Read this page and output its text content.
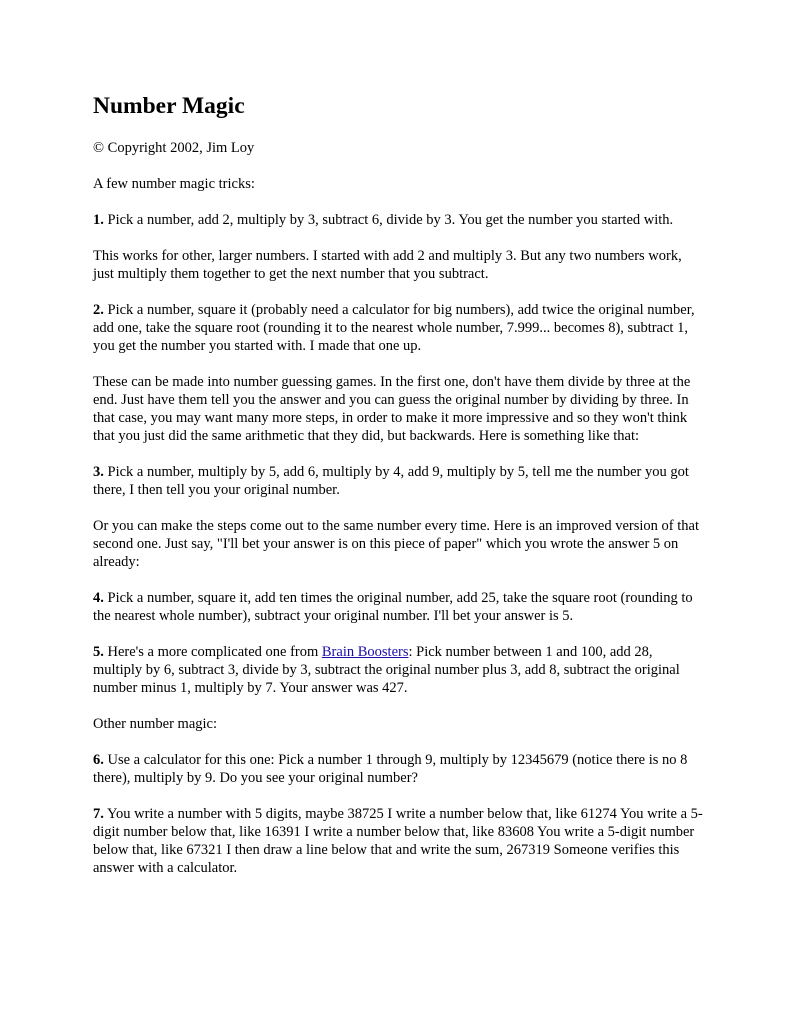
Number Magic

© Copyright 2002, Jim Loy

A few number magic tricks:

1. Pick a number, add 2, multiply by 3, subtract 6, divide by 3. You get the number you started with.

This works for other, larger numbers. I started with add 2 and multiply 3. But any two numbers work, just multiply them together to get the next number that you subtract.

2. Pick a number, square it (probably need a calculator for big numbers), add twice the original number, add one, take the square root (rounding it to the nearest whole number, 7.999... becomes 8), subtract 1, you get the number you started with. I made that one up.

These can be made into number guessing games. In the first one, don't have them divide by three at the end. Just have them tell you the answer and you can guess the original number by dividing by three. In that case, you may want many more steps, in order to make it more impressive and so they won't think that you just did the same arithmetic that they did, but backwards. Here is something like that:

3. Pick a number, multiply by 5, add 6, multiply by 4, add 9, multiply by 5, tell me the number you got there, I then tell you your original number.

Or you can make the steps come out to the same number every time. Here is an improved version of that second one. Just say, "I'll bet your answer is on this piece of paper" which you wrote the answer 5 on already:

4. Pick a number, square it, add ten times the original number, add 25, take the square root (rounding to the nearest whole number), subtract your original number. I'll bet your answer is 5.

5. Here's a more complicated one from Brain Boosters: Pick number between 1 and 100, add 28, multiply by 6, subtract 3, divide by 3, subtract the original number plus 3, add 8, subtract the original number minus 1, multiply by 7. Your answer was 427.

Other number magic:

6. Use a calculator for this one: Pick a number 1 through 9, multiply by 12345679 (notice there is no 8 there), multiply by 9. Do you see your original number?

7. You write a number with 5 digits, maybe 38725 I write a number below that, like 61274 You write a 5-digit number below that, like 16391 I write a number below that, like 83608 You write a 5-digit number below that, like 67321 I then draw a line below that and write the sum, 267319 Someone verifies this answer with a calculator.
